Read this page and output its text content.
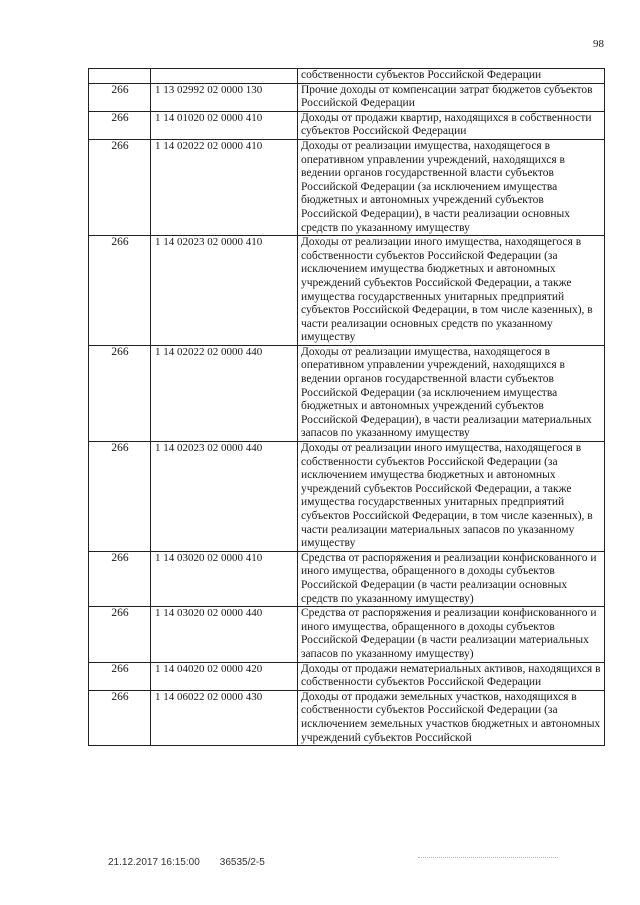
98
		собственности субъектов Российской Федерации
266	1 13 02992 02 0000 130	Прочие доходы от компенсации затрат бюджетов субъектов Российской Федерации
266	1 14 01020 02 0000 410	Доходы от продажи квартир, находящихся в собственности субъектов Российской Федерации
266	1 14 02022 02 0000 410	Доходы от реализации имущества, находящегося в оперативном управлении учреждений, находящихся в ведении органов государственной власти субъектов Российской Федерации (за исключением имущества бюджетных и автономных учреждений субъектов Российской Федерации), в части реализации основных средств по указанному имуществу
266	1 14 02023 02 0000 410	Доходы от реализации иного имущества, находящегося в собственности субъектов Российской Федерации (за исключением имущества бюджетных и автономных учреждений субъектов Российской Федерации, а также имущества государственных унитарных предприятий субъектов Российской Федерации, в том числе казенных), в части реализации основных средств по указанному имуществу
266	1 14 02022 02 0000 440	Доходы от реализации имущества, находящегося в оперативном управлении учреждений, находящихся в ведении органов государственной власти субъектов Российской Федерации (за исключением имущества бюджетных и автономных учреждений субъектов Российской Федерации), в части реализации материальных запасов по указанному имуществу
266	1 14 02023 02 0000 440	Доходы от реализации иного имущества, находящегося в собственности субъектов Российской Федерации (за исключением имущества бюджетных и автономных учреждений субъектов Российской Федерации, а также имущества государственных унитарных предприятий субъектов Российской Федерации, в том числе казенных), в части реализации материальных запасов по указанному имуществу
266	1 14 03020 02 0000 410	Средства от распоряжения и реализации конфискованного и иного имущества, обращенного в доходы субъектов Российской Федерации (в части реализации основных средств по указанному имуществу)
266	1 14 03020 02 0000 440	Средства от распоряжения и реализации конфискованного и иного имущества, обращенного в доходы субъектов Российской Федерации (в части реализации материальных запасов по указанному имуществу)
266	1 14 04020 02 0000 420	Доходы от продажи нематериальных активов, находящихся в собственности субъектов Российской Федерации
266	1 14 06022 02 0000 430	Доходы от продажи земельных участков, находящихся в собственности субъектов Российской Федерации (за исключением земельных участков бюджетных и автономных учреждений субъектов Российской
21.12.2017 16:15:00 36535/2-5
